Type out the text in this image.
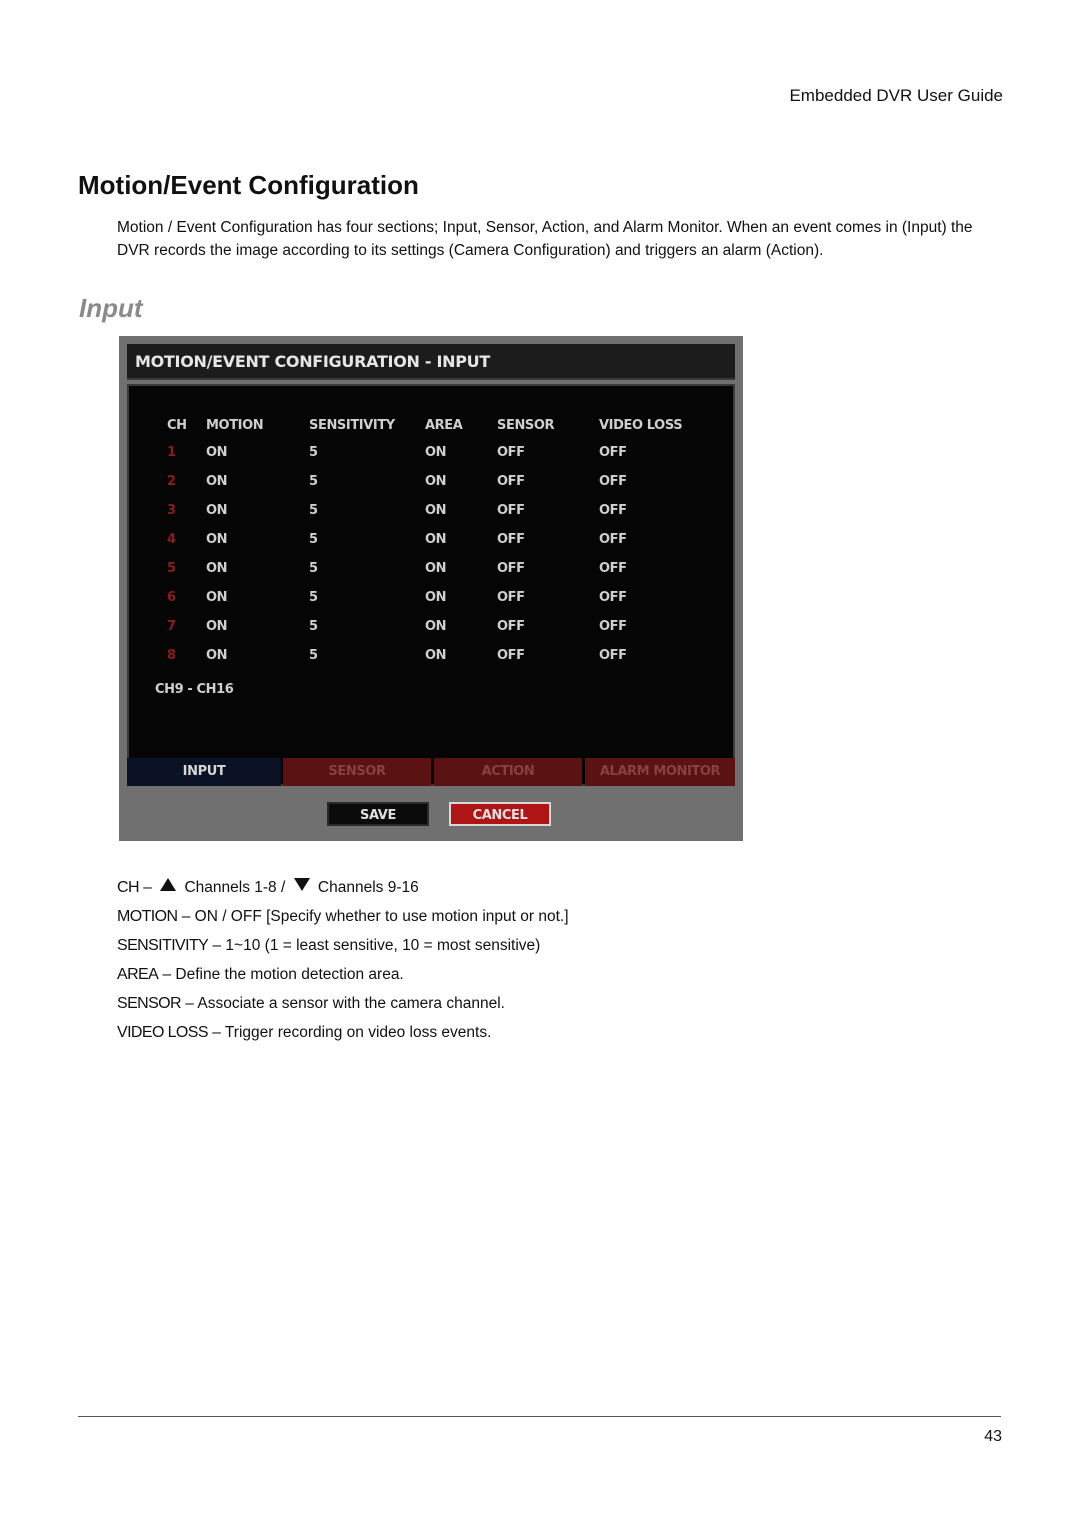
Embedded DVR User Guide
Motion/Event Configuration

Motion / Event Configuration has four sections; Input, Sensor, Action, and Alarm Monitor. When an event comes in (Input) the DVR records the image according to its settings (Camera Configuration) and triggers an alarm (Action).

Input
MOTION/EVENT CONFIGURATION - INPUT
CH MOTION	SENSITIVITY AREA	SENSOR	VIDEO LOSS
1 ON	5	ON	OFF	OFF
2 ON	5	ON	OFF	OFF
3 ON	5	ON	OFF	OFF
4 ON	5	ON	OFF	OFF
5 ON	5	ON	OFF	OFF
6 ON	5	ON	OFF	OFF
7 ON	5	ON	OFF	OFF
8 ON	5	ON	OFF	OFF
CH9 - CH16
INPUT	SENSOR	ACTION	ALARM MONITOR
SAVE	CANCEL
CH –  Channels 1-8 /  Channels 9-16
MOTION – ON / OFF [Specify whether to use motion input or not.]
SENSITIVITY – 1~10 (1 = least sensitive, 10 = most sensitive)
AREA – Define the motion detection area.
SENSOR – Associate a sensor with the camera channel.
VIDEO LOSS – Trigger recording on video loss events.
43
